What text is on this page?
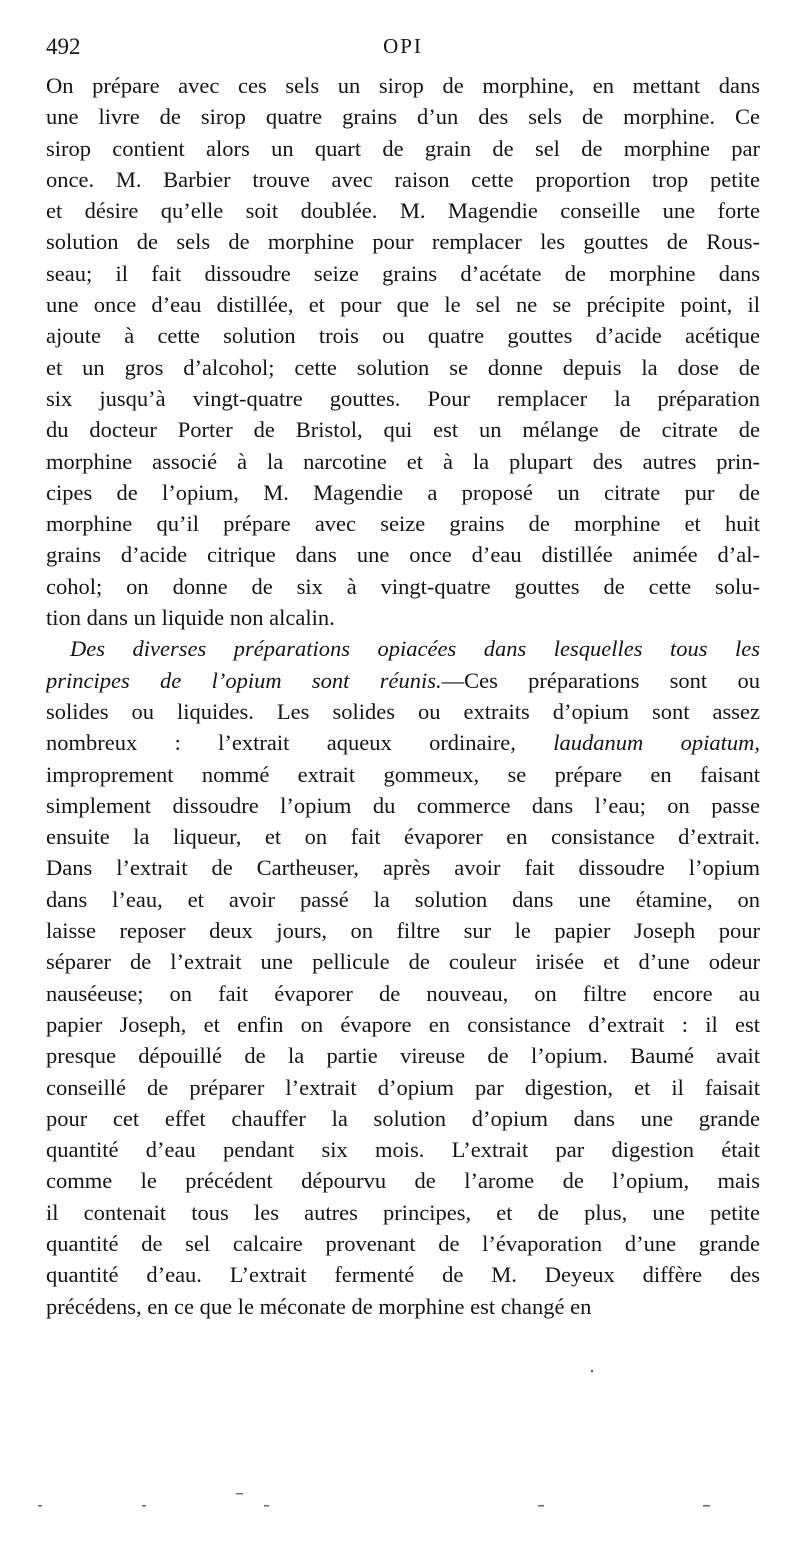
492	OPI
On prépare avec ces sels un sirop de morphine, en mettant dans
une livre de sirop quatre grains d’un des sels de morphine. Ce
sirop contient alors un quart de grain de sel de morphine par
once. M. Barbier trouve avec raison cette proportion trop petite
et désire qu’elle soit doublée. M. Magendie conseille une forte
solution de sels de morphine pour remplacer les gouttes de Rous-
seau; il fait dissoudre seize grains d’acétate de morphine dans
une once d’eau distillée, et pour que le sel ne se précipite point, il
ajoute à cette solution trois ou quatre gouttes d’acide acétique
et un gros d’alcohol; cette solution se donne depuis la dose de
six jusqu’à vingt-quatre gouttes. Pour remplacer la préparation
du docteur Porter de Bristol, qui est un mélange de citrate de
morphine associé à la narcotine et à la plupart des autres prin-
cipes de l’opium, M. Magendie a proposé un citrate pur de
morphine qu’il prépare avec seize grains de morphine et huit
grains d’acide citrique dans une once d’eau distillée animée d’al-
cohol; on donne de six à vingt-quatre gouttes de cette solu-
tion dans un liquide non alcalin.
Des diverses préparations opiacées dans lesquelles tous les
principes de l’opium sont réunis.—Ces préparations sont ou
solides ou liquides. Les solides ou extraits d’opium sont assez
nombreux : l’extrait aqueux ordinaire, laudanum opiatum,
improprement nommé extrait gommeux, se prépare en faisant
simplement dissoudre l’opium du commerce dans l’eau; on passe
ensuite la liqueur, et on fait évaporer en consistance d’extrait.
Dans l’extrait de Cartheuser, après avoir fait dissoudre l’opium
dans l’eau, et avoir passé la solution dans une étamine, on
laisse reposer deux jours, on filtre sur le papier Joseph pour
séparer de l’extrait une pellicule de couleur irisée et d’une odeur
nauséeuse; on fait évaporer de nouveau, on filtre encore au
papier Joseph, et enfin on évapore en consistance d’extrait : il est
presque dépouillé de la partie vireuse de l’opium. Baumé avait
conseillé de préparer l’extrait d’opium par digestion, et il faisait
pour cet effet chauffer la solution d’opium dans une grande
quantité d’eau pendant six mois. L’extrait par digestion était
comme le précédent dépourvu de l’arome de l’opium, mais
il contenait tous les autres principes, et de plus, une petite
quantité de sel calcaire provenant de l’évaporation d’une grande
quantité d’eau. L’extrait fermenté de M. Deyeux diffère des
précédens, en ce que le méconate de morphine est changé en
